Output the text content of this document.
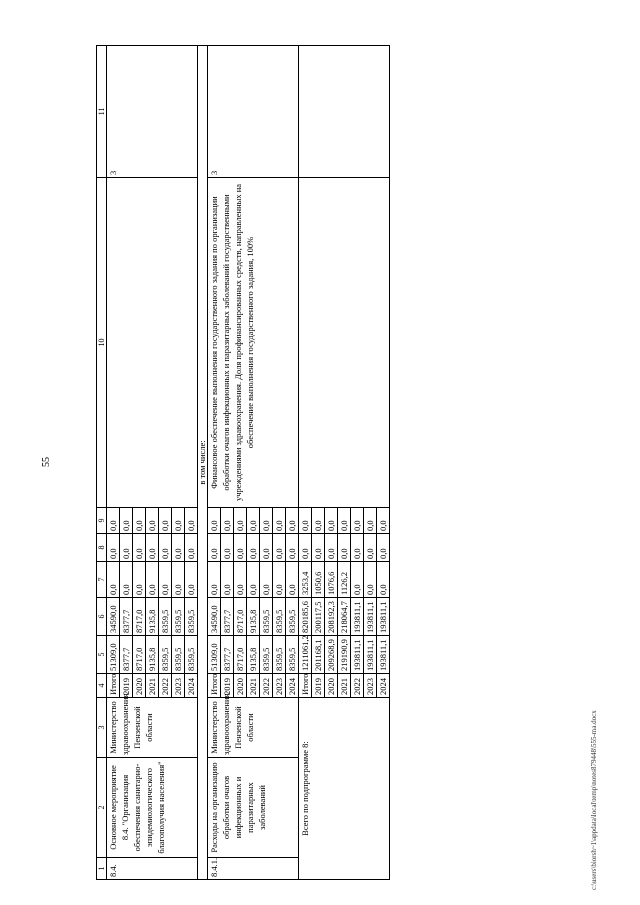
55
1	2	3	4	5	6	7	8	9	10	11
8.4.	Основное мероприятие 8.4. "Организация обеспечения санитарно-эпидемиологического благополучия населения"	Министерство здравоохранения Пензенской области	Итого	51309,0	34590,0	0,0	0,0	0,0		3
			2019	8377,7	8377,7	0,0	0,0	0,0		
			2020	8717,0	8717,0	0,0	0,0	0,0		
			2021	9135,8	9135,8	0,0	0,0	0,0		
			2022	8359,5	8359,5	0,0	0,0	0,0		
			2023	8359,5	8359,5	0,0	0,0	0,0		
			2024	8359,5	8359,5	0,0	0,0	0,0		
в том числе:										
8.4.1.	Расходы на организацию обработки очагов инфекционных и паразитарных заболеваний	Министерство здравоохранения Пензенской области	Итого	51309,0	34590,0	0,0	0,0	0,0	Финансовое обеспечение выполнения государственного задания по организации обработки очагов инфекционных и паразитарных заболеваний государственными учреждениями здравоохранения. Доля профинансированных средств, направленных на обеспечение выполнения государственного задания, 100%	3
			2019	8377,7	8377,7	0,0	0,0	0,0		
			2020	8717,0	8717,0	0,0	0,0	0,0		
			2021	9135,8	9135,8	0,0	0,0	0,0		
			2022	8359,5	8359,5	0,0	0,0	0,0		
			2023	8359,5	8359,5	0,0	0,0	0,0		
			2024	8359,5	8359,5	0,0	0,0	0,0		
Всего по подпрограмме 8:			Итого	1211061,2	820185,6	3253,4	0,0	0,0		
			2019	201168,1	200117,5	1050,6	0,0	0,0		
			2020	209268,9	208192,3	1076,6	0,0	0,0		
			2021	219190,9	218064,7	1126,2	0,0	0,0		
			2022	193811,1	193811,1	0,0	0,0	0,0		
			2023	193811,1	193811,1	0,0	0,0	0,0		
			2024	193811,1	193811,1	0,0	0,0	0,0		
c:\users\biorsh~1\appdata\local\temp\notes879448\555-ma.docx
